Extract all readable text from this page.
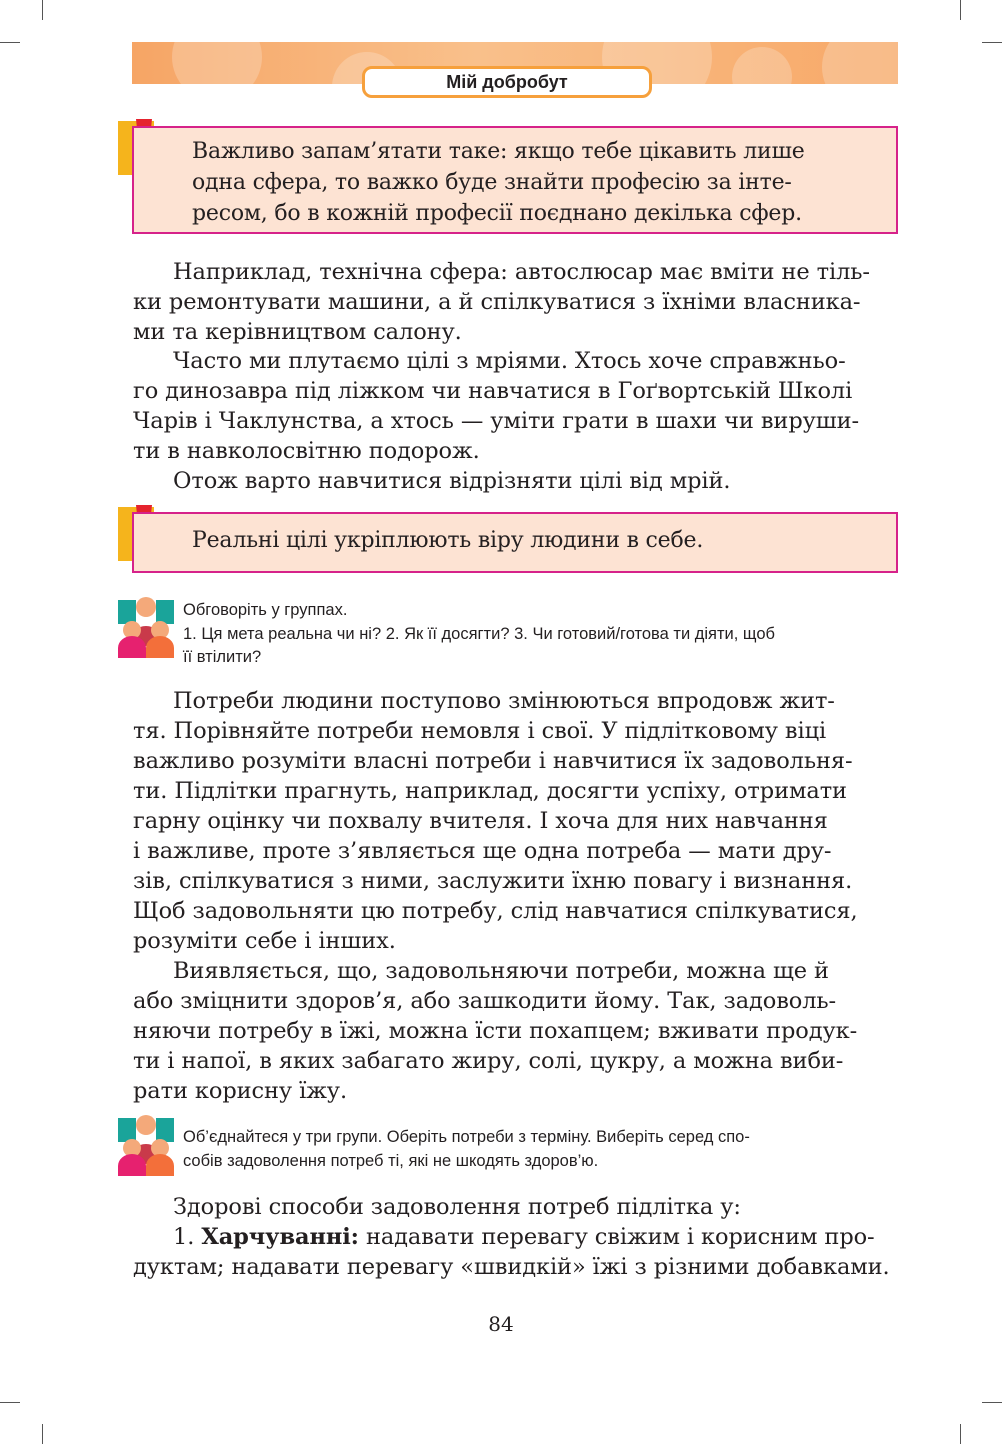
Мій добробут

Важливо запам’ятати таке: якщо тебе цікавить лише

одна сфера, то важко буде знайти професію за інте-

ресом, бо в кожній професії поєднано декілька сфер.

Наприклад, технічна сфера: автослюсар має вміти не тіль-

ки ремонтувати машини, а й спілкуватися з їхніми власника-

ми та керівництвом салону.

Часто ми плутаємо цілі з мріями. Хтось хоче справжньо-

го динозавра під ліжком чи навчатися в Гоґвортській Школі

Чарів і Чаклунства, а хтось — уміти грати в шахи чи вируши-

ти в навколосвітню подорож.

Отож варто навчитися відрізняти цілі від мрій.

Реальні цілі укріплюють віру людини в себе.

Обговоріть у группах.

1. Ця мета реальна чи ні? 2. Як її досягти? 3. Чи готовий/готова ти діяти, щоб

її втілити?

Потреби людини поступово змінюються впродовж жит-

тя. Порівняйте потреби немовля і свої. У підлітковому віці

важливо розуміти власні потреби і навчитися їх задовольня-

ти. Підлітки прагнуть, наприклад, досягти успіху, отримати

гарну оцінку чи похвалу вчителя. І хоча для них навчання

і важливе, проте з’являється ще одна потреба — мати дру-

зів, спілкуватися з ними, заслужити їхню повагу і визнання.

Щоб задовольняти цю потребу, слід навчатися спілкуватися,

розуміти себе і інших.

Виявляється, що, задовольняючи потреби, можна ще й

або зміцнити здоров’я, або зашкодити йому. Так, задоволь-

няючи потребу в їжі, можна їсти похапцем; вживати продук-

ти і напої, в яких забагато жиру, солі, цукру, а можна виби-

рати корисну їжу.

Об’єднайтеся у три групи. Оберіть потреби з терміну. Виберіть серед спо-

собів задоволення потреб ті, які не шкодять здоров’ю.

Здорові способи задоволення потреб підлітка у:

1. Харчуванні: надавати перевагу свіжим і корисним про-

дуктам; надавати перевагу «швидкій» їжі з різними добавками.

84
